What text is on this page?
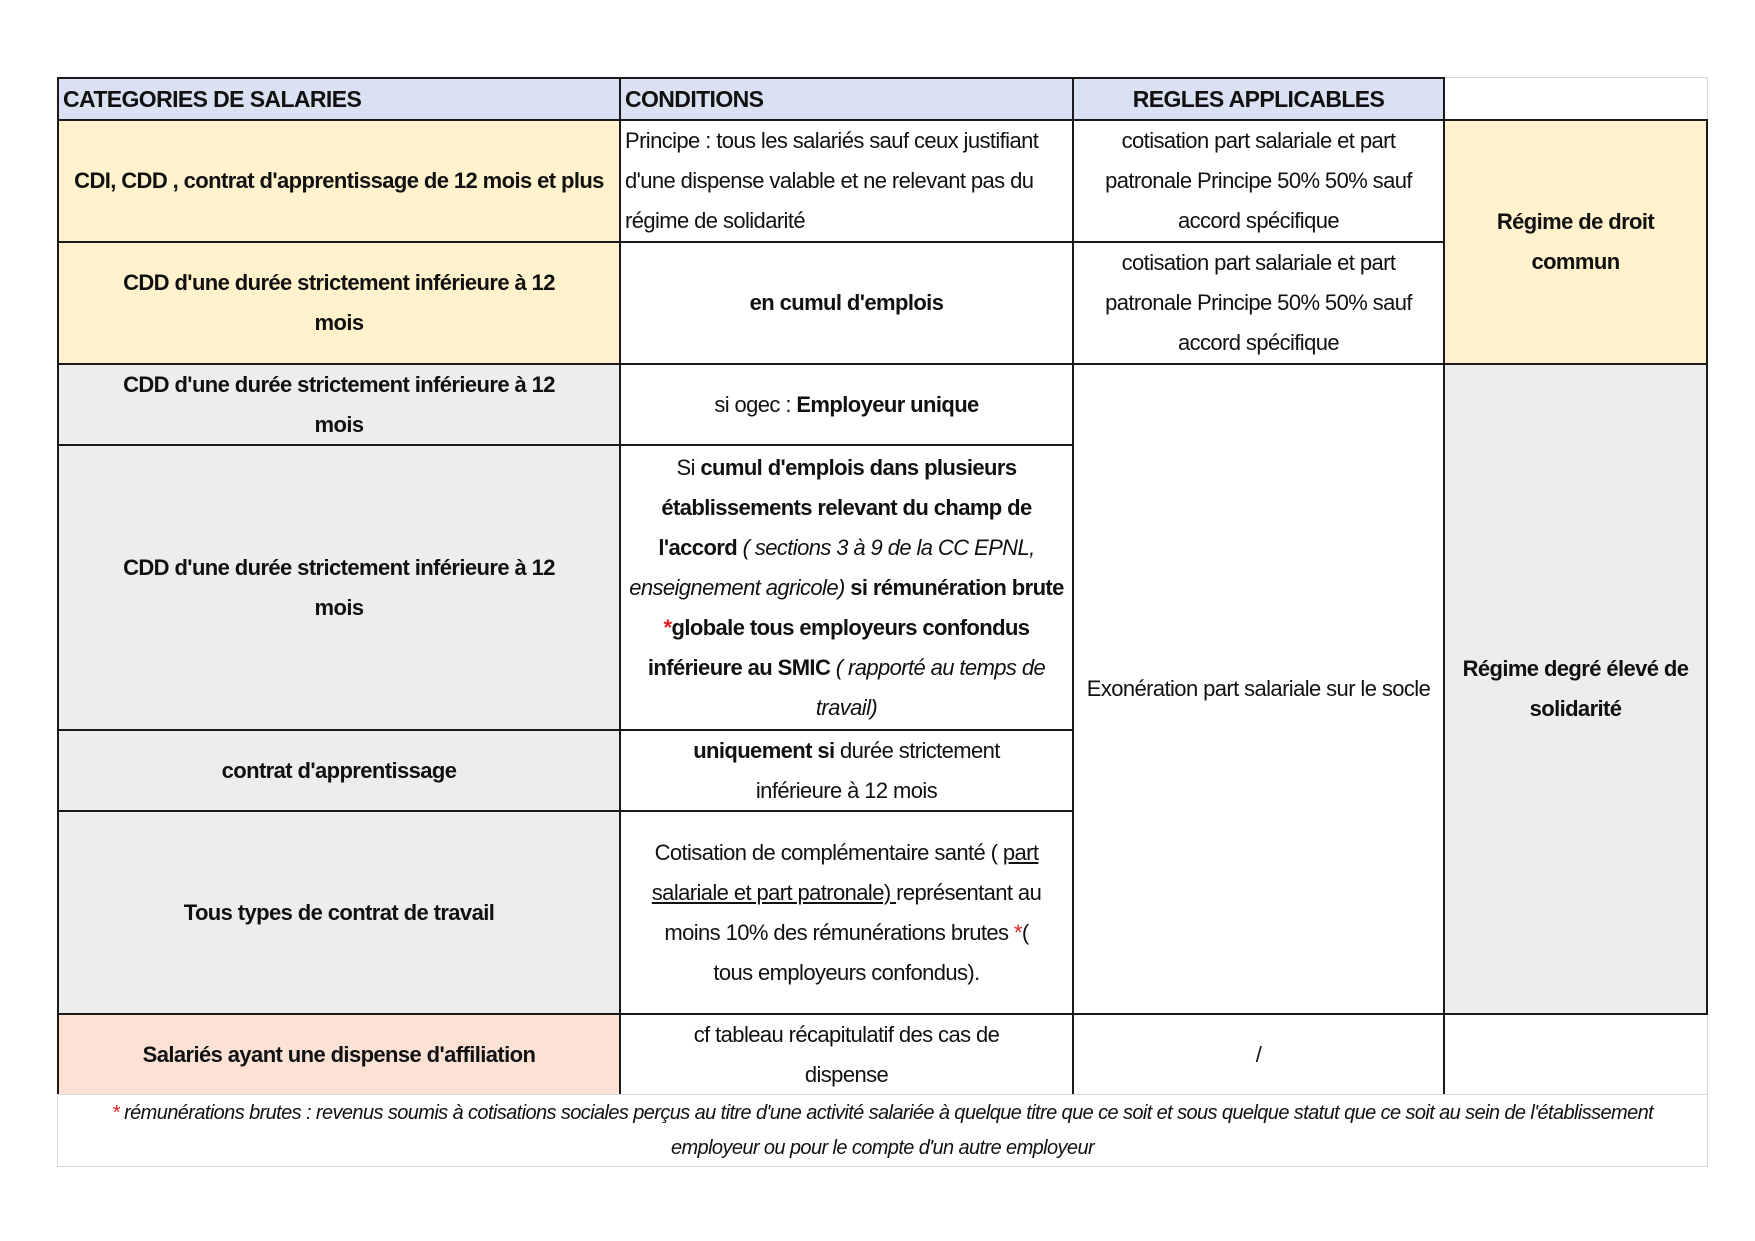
CATEGORIES DE SALARIES	CONDITIONS	REGLES APPLICABLES
CDI, CDD , contrat d'apprentissage de 12 mois et plus
Principe : tous les salariés sauf ceux justifiant d'une dispense valable et ne relevant pas du régime de solidarité
cotisation part salariale et part patronale Principe 50% 50% sauf accord spécifique
CDD d'une durée strictement inférieure à 12 mois
en cumul d'emplois
cotisation part salariale et part patronale Principe 50% 50% sauf accord spécifique
Régime de droit commun
CDD d'une durée strictement inférieure à 12 mois
si ogec : Employeur unique
CDD d'une durée strictement inférieure à 12 mois
Si cumul d'emplois dans plusieurs établissements relevant du champ de l'accord ( sections 3 à 9 de la CC EPNL, enseignement agricole) si rémunération brute *globale tous employeurs confondus inférieure au SMIC ( rapporté au temps de travail)
contrat d'apprentissage
uniquement si durée strictement inférieure à 12 mois
Tous types de contrat de travail
Cotisation de complémentaire santé ( part salariale et part patronale) représentant au moins 10% des rémunérations brutes *( tous employeurs confondus).
Exonération part salariale sur le socle
Régime degré élevé de solidarité
Salariés ayant une dispense d'affiliation
cf tableau récapitulatif des cas de dispense
/
* rémunérations brutes : revenus soumis à cotisations sociales perçus au titre d'une activité salariée à quelque titre que ce soit et sous quelque statut que ce soit au sein de l'établissement employeur ou pour le compte d'un autre employeur
